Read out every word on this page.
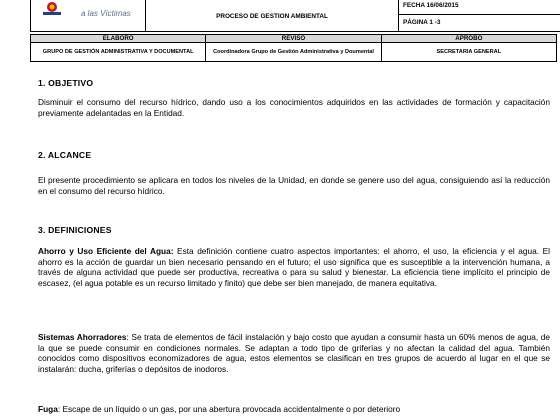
a las Víctimas	PROCESO DE GESTION AMBIENTAL	
FECHA 16/06/2015
PÁGINA 1 -3
ELABORÓ	REVISÓ	APROBÓ
GRUPO DE GESTIÓN ADMINISTRATIVA Y DOCUMENTAL	Coordinadora Grupo de Gestión Administrativa y Doumental	SECRETARIA GENERAL
1. OBJETIVO
Disminuir el consumo del recurso hídrico, dando uso a los conocimientos adquiridos en las actividades de formación y capacitación previamente adelantadas en la Entidad.
2. ALCANCE
El presente procedimiento se aplicara en todos los niveles de la Unidad, en donde se genere uso del agua, consiguiendo así la reducción en el consumo del recurso hídrico.
3. DEFINICIONES
Ahorro y Uso Eficiente del Agua: Esta definición contiene cuatro aspectos importantes: el ahorro, el uso, la eficiencia y el agua. El ahorro es la acción de guardar un bien necesario pensando en el futuro; el uso significa que es susceptible a la intervención humana, a través de alguna actividad que puede ser productiva, recreativa o para su salud y bienestar. La eficiencia tiene implícito el principio de escasez, (el agua potable es un recurso limitado y finito) que debe ser bien manejado, de manera equitativa.
Sistemas Ahorradores: Se trata de elementos de fácil instalación y bajo costo que ayudan a consumir hasta un 60% menos de agua, de la que se puede consumir en condiciones normales. Se adaptan a todo tipo de griferías y no afectan la calidad del agua. También conocidos como dispositivos economizadores de agua, estos elementos se clasifican en tres grupos de acuerdo al lugar en el que se instalarán: ducha, griferías o depósitos de inodoros.
Fuga: Escape de un líquido o un gas, por una abertura provocada accidentalmente o por deterioro
